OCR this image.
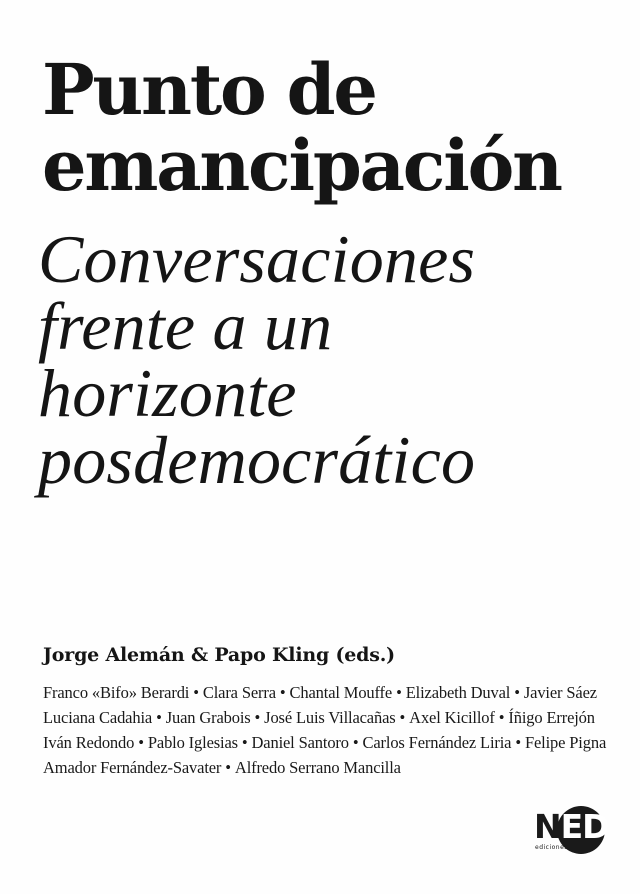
Punto de
emancipación
Conversaciones
frente a un
horizonte
posdemocrático

Jorge Alemán & Papo Kling (eds.)

Franco «Bifo» Berardi • Clara Serra • Chantal Mouffe • Elizabeth Duval • Javier Sáez
Luciana Cadahia • Juan Grabois • José Luis Villacañas • Axel Kicillof • Íñigo Errejón
Iván Redondo • Pablo Iglesias • Daniel Santoro • Carlos Fernández Liria • Felipe Pigna
Amador Fernández-Savater • Alfredo Serrano Mancilla
NED
ediciones
